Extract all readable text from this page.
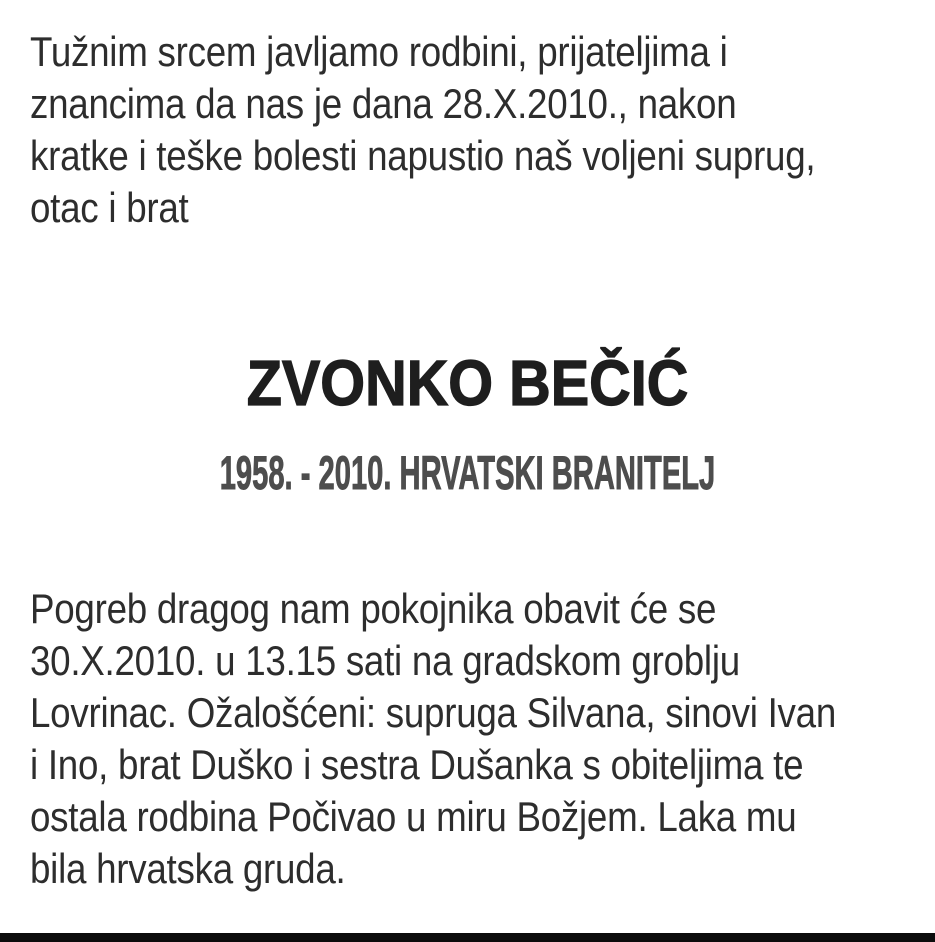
Tužnim srcem javljamo rodbini, prijateljima i
znancima da nas je dana 28.X.2010., nakon
kratke i teške bolesti napustio naš voljeni suprug,
otac i brat
ZVONKO BEČIĆ
1958. - 2010. HRVATSKI BRANITELJ
Pogreb dragog nam pokojnika obavit će se
30.X.2010. u 13.15 sati na gradskom groblju
Lovrinac. Ožalošćeni: supruga Silvana, sinovi Ivan
i Ino, brat Duško i sestra Dušanka s obiteljima te
ostala rodbina Počivao u miru Božjem. Laka mu
bila hrvatska gruda.
